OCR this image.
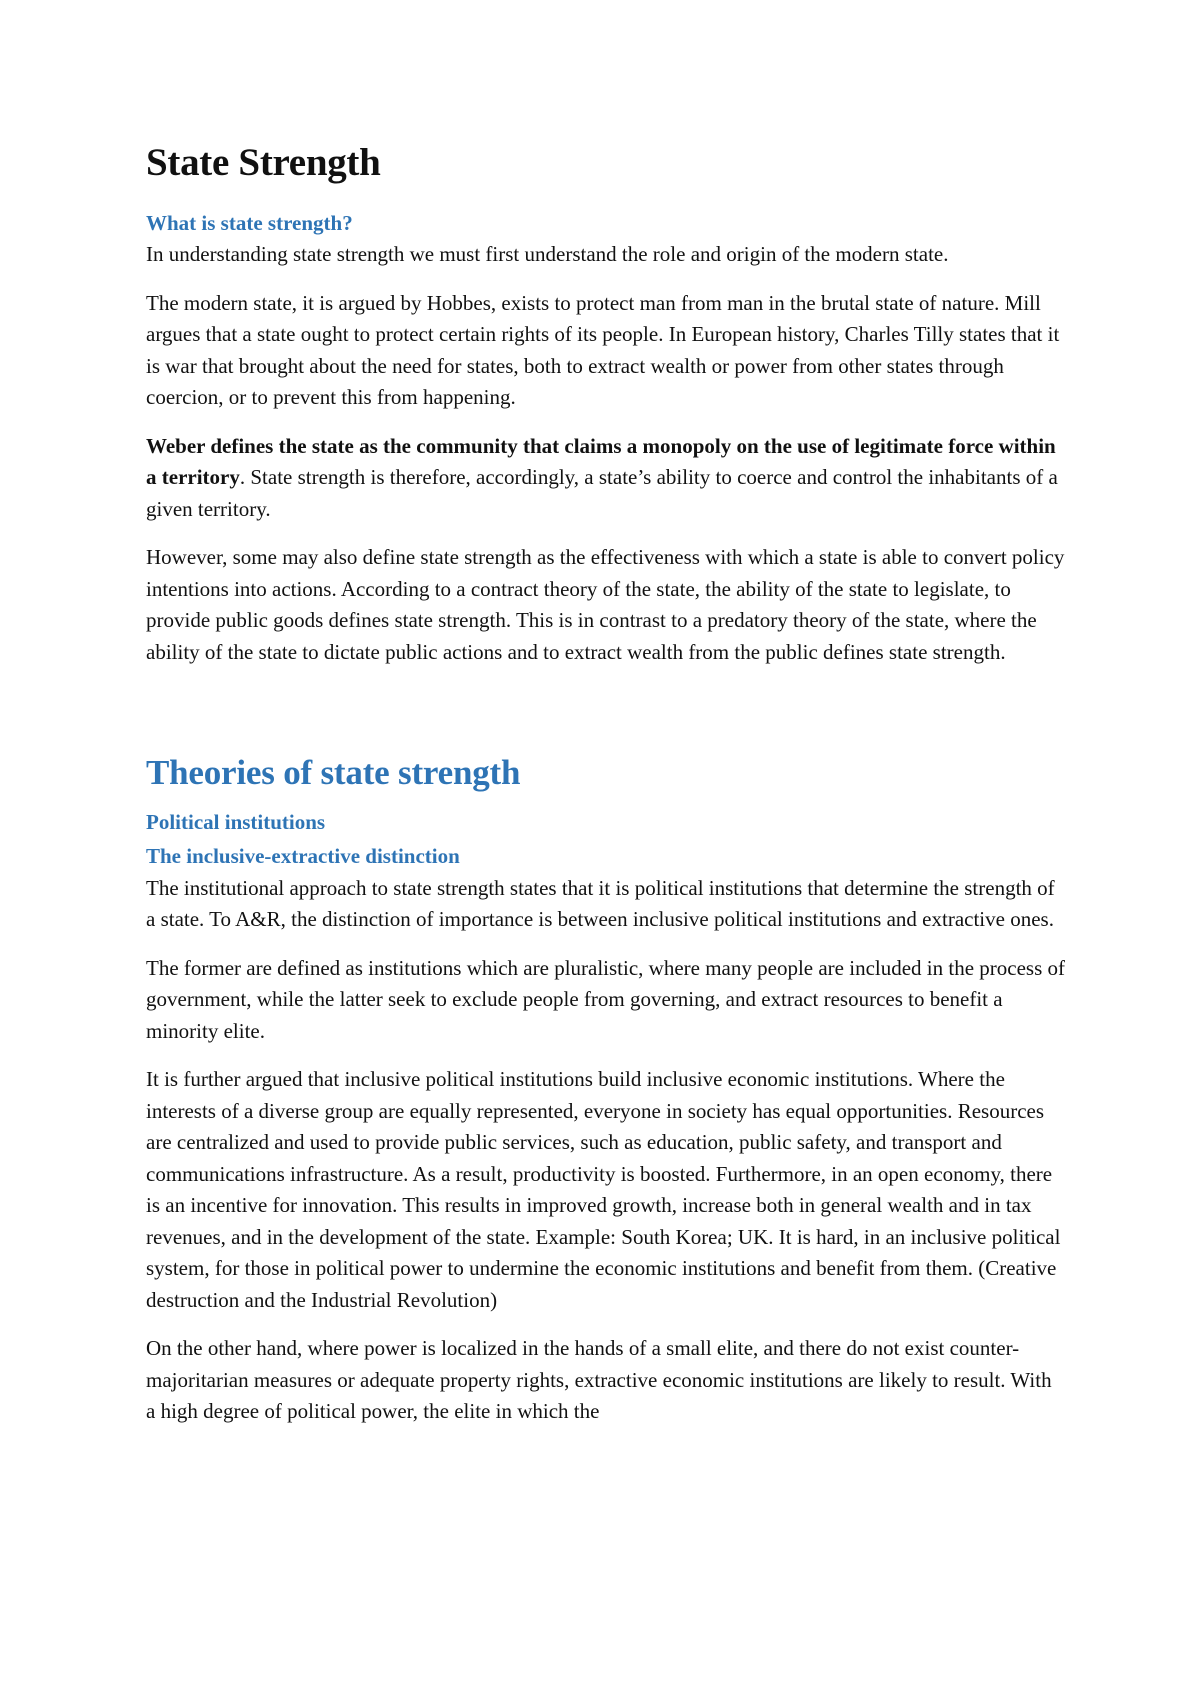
State Strength
What is state strength?

In understanding state strength we must first understand the role and origin of the modern state.

The modern state, it is argued by Hobbes, exists to protect man from man in the brutal state of nature. Mill argues that a state ought to protect certain rights of its people. In European history, Charles Tilly states that it is war that brought about the need for states, both to extract wealth or power from other states through coercion, or to prevent this from happening.

Weber defines the state as the community that claims a monopoly on the use of legitimate force within a territory. State strength is therefore, accordingly, a state’s ability to coerce and control the inhabitants of a given territory.

However, some may also define state strength as the effectiveness with which a state is able to convert policy intentions into actions. According to a contract theory of the state, the ability of the state to legislate, to provide public goods defines state strength. This is in contrast to a predatory theory of the state, where the ability of the state to dictate public actions and to extract wealth from the public defines state strength.

Theories of state strength
Political institutions
The inclusive-extractive distinction

The institutional approach to state strength states that it is political institutions that determine the strength of a state. To A&R, the distinction of importance is between inclusive political institutions and extractive ones.

The former are defined as institutions which are pluralistic, where many people are included in the process of government, while the latter seek to exclude people from governing, and extract resources to benefit a minority elite.

It is further argued that inclusive political institutions build inclusive economic institutions. Where the interests of a diverse group are equally represented, everyone in society has equal opportunities. Resources are centralized and used to provide public services, such as education, public safety, and transport and communications infrastructure. As a result, productivity is boosted. Furthermore, in an open economy, there is an incentive for innovation. This results in improved growth, increase both in general wealth and in tax revenues, and in the development of the state. Example: South Korea; UK. It is hard, in an inclusive political system, for those in political power to undermine the economic institutions and benefit from them. (Creative destruction and the Industrial Revolution)

On the other hand, where power is localized in the hands of a small elite, and there do not exist counter-majoritarian measures or adequate property rights, extractive economic institutions are likely to result. With a high degree of political power, the elite in which the
